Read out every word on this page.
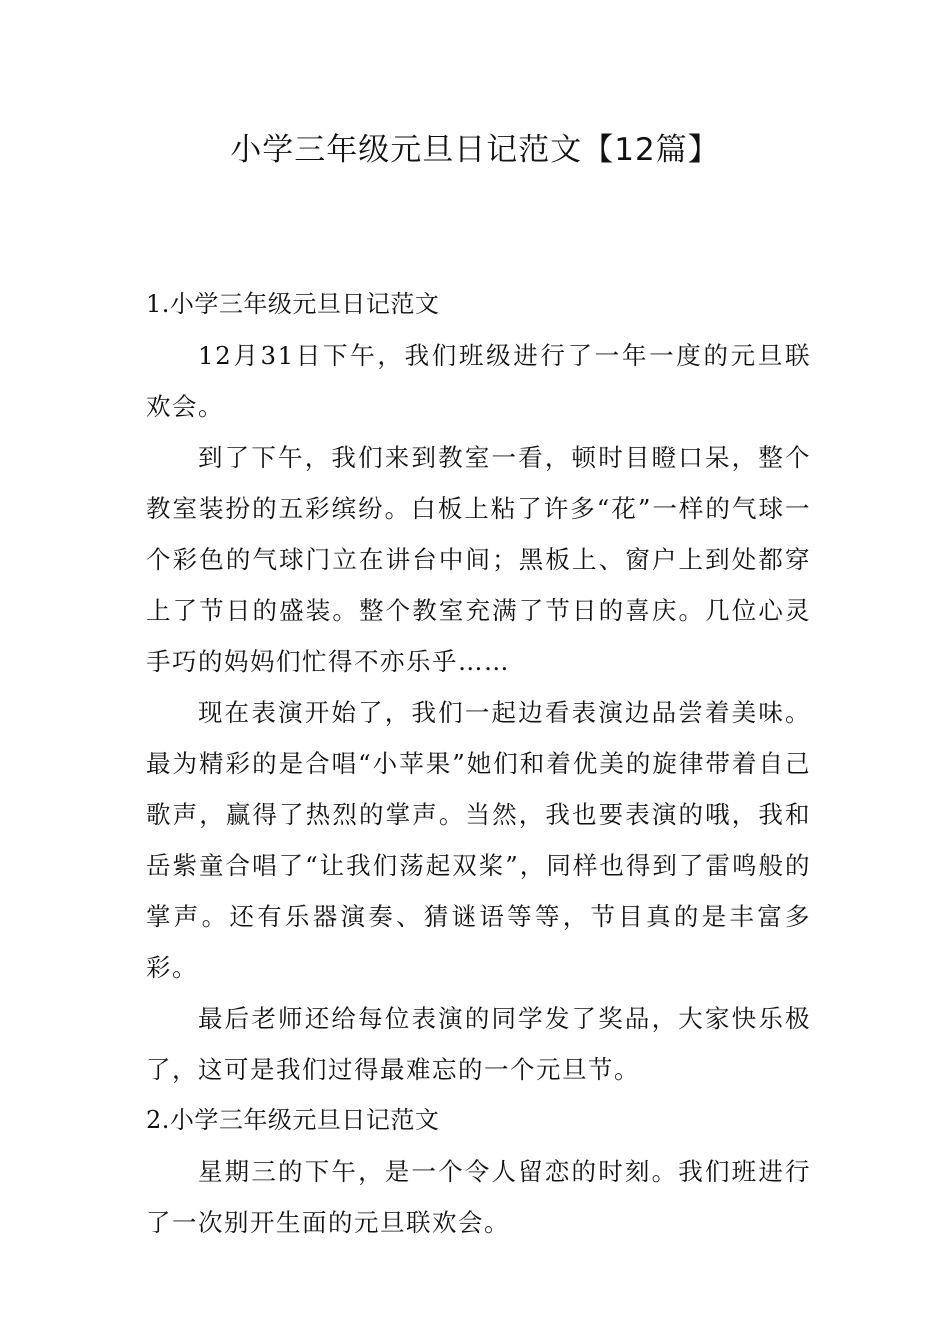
小学三年级元旦日记范文【12篇】
1.小学三年级元旦日记范文

12月31日下午，我们班级进行了一年一度的元旦联欢会。

到了下午，我们来到教室一看，顿时目瞪口呆，整个教室装扮的五彩缤纷。白板上粘了许多“花”一样的气球一个彩色的气球门立在讲台中间；黑板上、窗户上到处都穿上了节日的盛装。整个教室充满了节日的喜庆。几位心灵手巧的妈妈们忙得不亦乐乎……

现在表演开始了，我们一起边看表演边品尝着美味。最为精彩的是合唱“小苹果”她们和着优美的旋律带着自己歌声，赢得了热烈的掌声。当然，我也要表演的哦，我和岳紫童合唱了“让我们荡起双桨”，同样也得到了雷鸣般的掌声。还有乐器演奏、猜谜语等等，节目真的是丰富多彩。

最后老师还给每位表演的同学发了奖品，大家快乐极了，这可是我们过得最难忘的一个元旦节。

2.小学三年级元旦日记范文

星期三的下午，是一个令人留恋的时刻。我们班进行了一次别开生面的元旦联欢会。
